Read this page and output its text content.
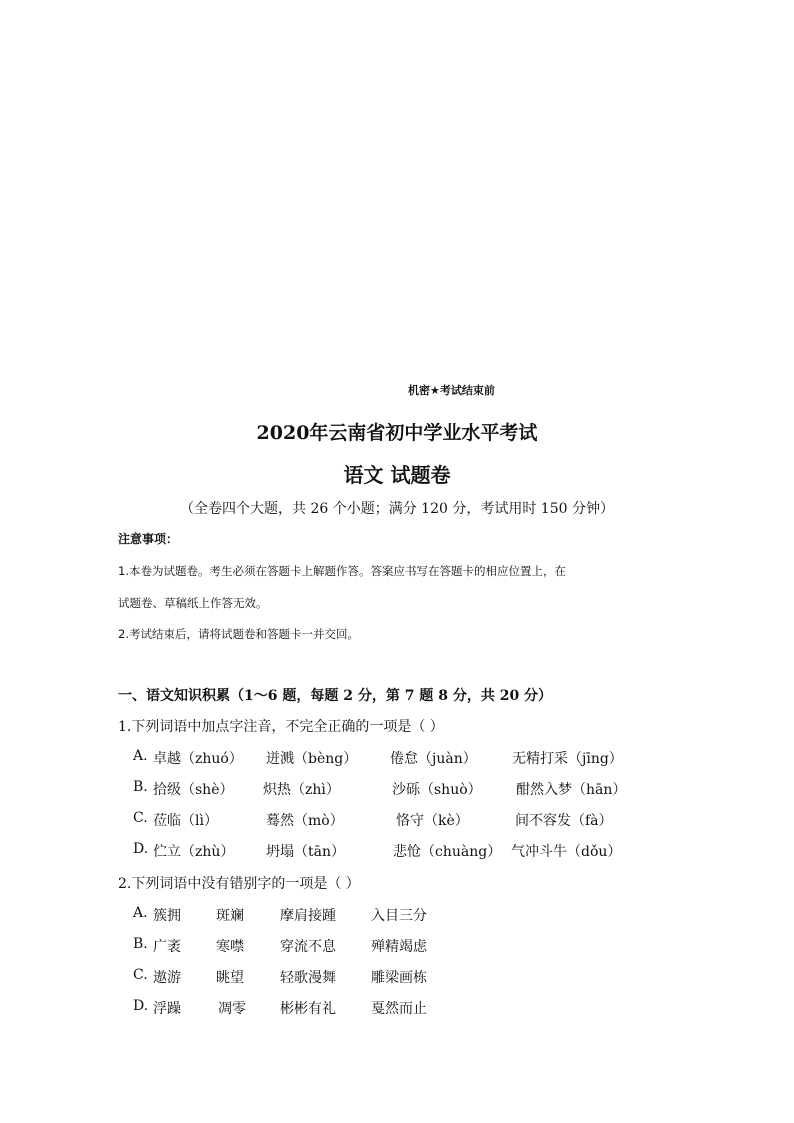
机密★考试结束前
2020年云南省初中学业水平考试
语文 试题卷
（全卷四个大题，共 26 个小题；满分 120 分，考试用时 150 分钟）
注意事项：
1.本卷为试题卷。考生必须在答题卡上解题作答。答案应书写在答题卡的相应位置上，在
试题卷、草稿纸上作答无效。
2.考试结束后，请将试题卷和答题卡一并交回。
一、语文知识积累（1～6 题，每题 2 分，第 7 题 8 分，共 20 分）
1.下列词语中加点字注音，不完全正确的一项是（ ）
A. 卓越（zhuó） 迸溅（bèng） 倦怠（juàn）	无精打采（jīng）
B. 拾级（shè） 炽热（zhì）	沙砾（shuò） 酣然入梦（hān）
C. 莅临（lì）	蓦然（mò）	恪守（kè）	间不容发（fà）
D. 伫立（zhù） 坍塌（tān）	悲怆（chuàng） 气冲斗牛（dǒu）
2.下列词语中没有错别字的一项是（ ）
A. 簇拥	斑斓	摩肩接踵	入目三分
B. 广袤	寒噤	穿流不息	殚精竭虑
C. 遨游	眺望	轻歌漫舞	雕梁画栋
D. 浮躁	凋零 彬彬有礼	戛然而止
